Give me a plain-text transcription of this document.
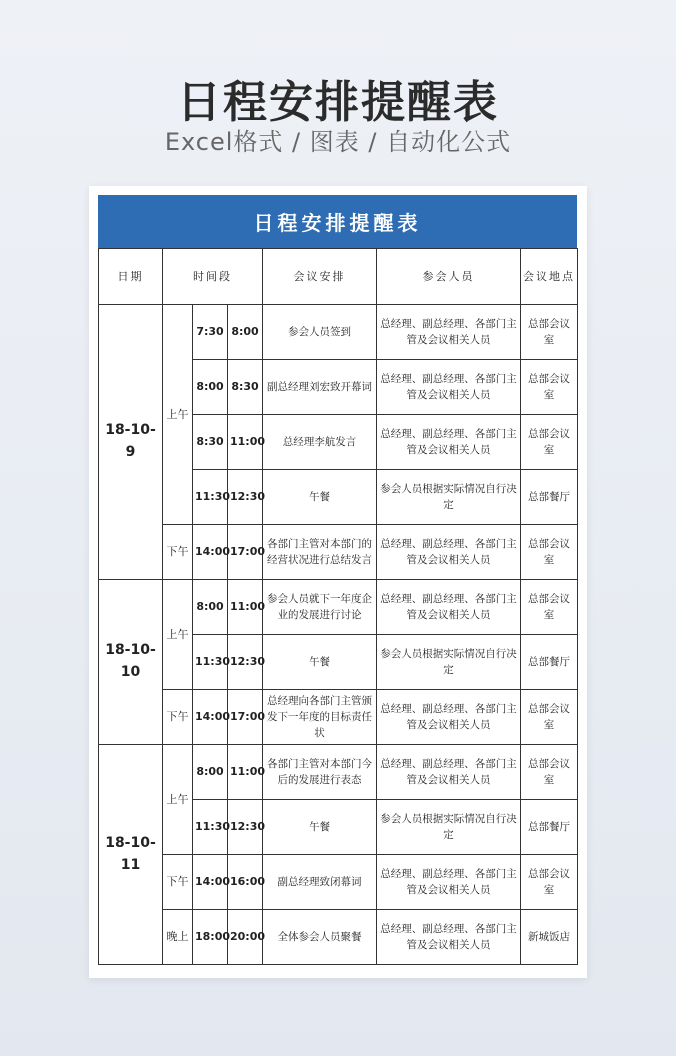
日程安排提醒表
Excel格式 / 图表 / 自动化公式
日程安排提醒表
日期	时间段			会议安排	参会人员	会议地点
18-10-9	上午	7:30	8:00	参会人员签到	总经理、副总经理、各部门主管及会议相关人员	总部会议室
		8:00	8:30	副总经理刘宏致开幕词	总经理、副总经理、各部门主管及会议相关人员	总部会议室
		8:30	11:00	总经理李航发言	总经理、副总经理、各部门主管及会议相关人员	总部会议室
		11:30	12:30	午餐	参会人员根据实际情况自行决定	总部餐厅
	下午	14:00	17:00	各部门主管对本部门的经营状况进行总结发言	总经理、副总经理、各部门主管及会议相关人员	总部会议室
18-10-10	上午	8:00	11:00	参会人员就下一年度企业的发展进行讨论	总经理、副总经理、各部门主管及会议相关人员	总部会议室
		11:30	12:30	午餐	参会人员根据实际情况自行决定	总部餐厅
	下午	14:00	17:00	总经理向各部门主管颁发下一年度的目标责任状	总经理、副总经理、各部门主管及会议相关人员	总部会议室
18-10-11	上午	8:00	11:00	各部门主管对本部门今后的发展进行表态	总经理、副总经理、各部门主管及会议相关人员	总部会议室
		11:30	12:30	午餐	参会人员根据实际情况自行决定	总部餐厅
	下午	14:00	16:00	副总经理致闭幕词	总经理、副总经理、各部门主管及会议相关人员	总部会议室
	晚上	18:00	20:00	全体参会人员聚餐	总经理、副总经理、各部门主管及会议相关人员	新城饭店
